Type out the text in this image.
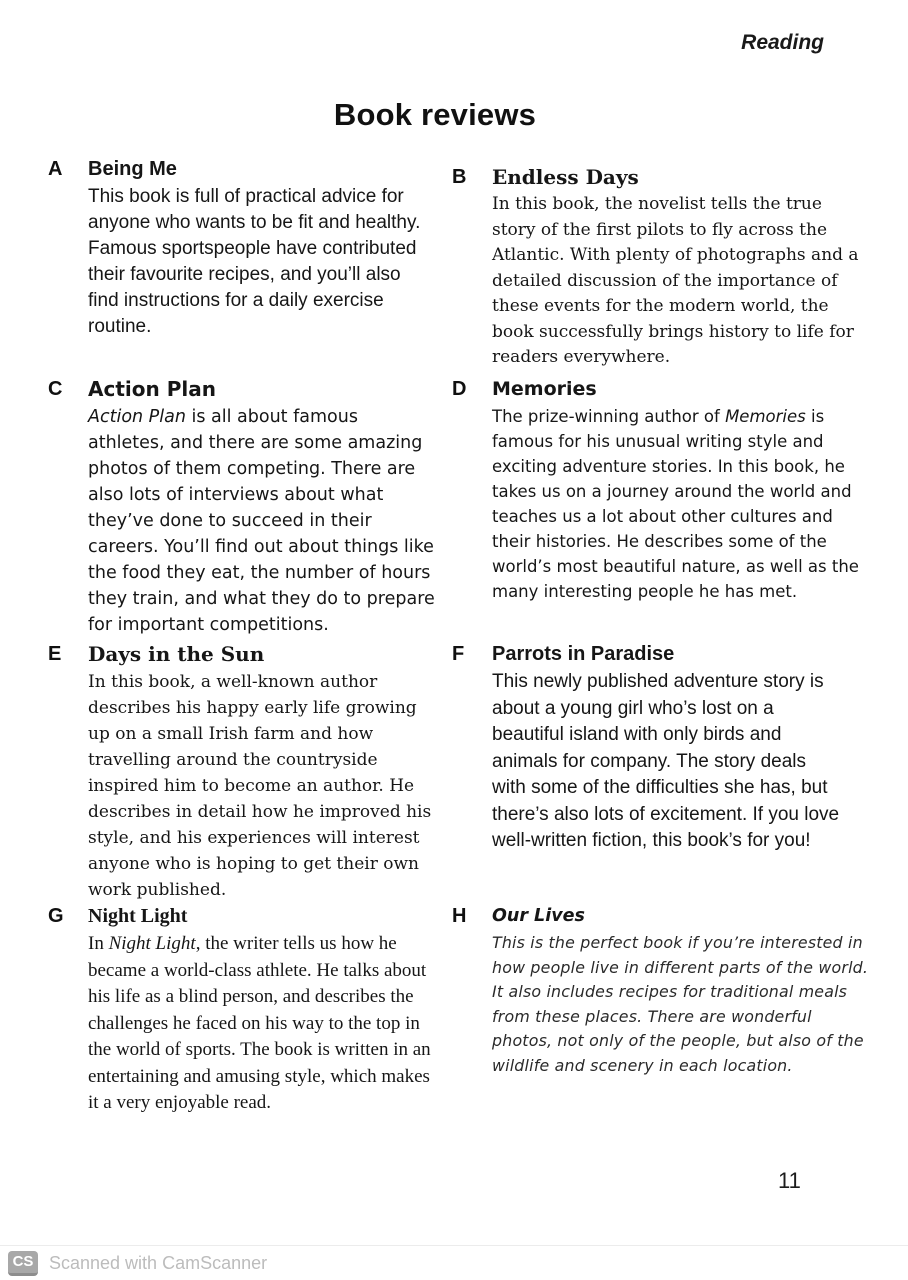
Reading
Book reviews
A	Being Me

This book is full of practical advice for anyone who wants to be fit and healthy. Famous sportspeople have contributed their favourite recipes, and you’ll also find instructions for a daily exercise routine.

B	Endless Days

In this book, the novelist tells the true story of the first pilots to fly across the Atlantic. With plenty of photographs and a detailed discussion of the importance of these events for the modern world, the book successfully brings history to life for readers everywhere.

C	Action Plan

Action Plan is all about famous athletes, and there are some amazing photos of them competing. There are also lots of interviews about what they’ve done to succeed in their careers. You’ll find out about things like the food they eat, the number of hours they train, and what they do to prepare for important competitions.

D	Memories

The prize-winning author of Memories is famous for his unusual writing style and exciting adventure stories. In this book, he takes us on a journey around the world and teaches us a lot about other cultures and their histories. He describes some of the world’s most beautiful nature, as well as the many interesting people he has met.

E	Days in the Sun

In this book, a well-known author describes his happy early life growing up on a small Irish farm and how travelling around the countryside inspired him to become an author. He describes in detail how he improved his style, and his experiences will interest anyone who is hoping to get their own work published.

F	Parrots in Paradise

This newly published adventure story is about a young girl who’s lost on a beautiful island with only birds and animals for company. The story deals with some of the difficulties she has, but there’s also lots of excitement. If you love well-written fiction, this book’s for you!

G	Night Light

In Night Light, the writer tells us how he became a world-class athlete. He talks about his life as a blind person, and describes the challenges he faced on his way to the top in the world of sports. The book is written in an entertaining and amusing style, which makes it a very enjoyable read.

H	Our Lives

This is the perfect book if you’re interested in how people live in different parts of the world. It also includes recipes for traditional meals from these places. There are wonderful photos, not only of the people, but also of the wildlife and scenery in each location.

11
CS Scanned with CamScanner
